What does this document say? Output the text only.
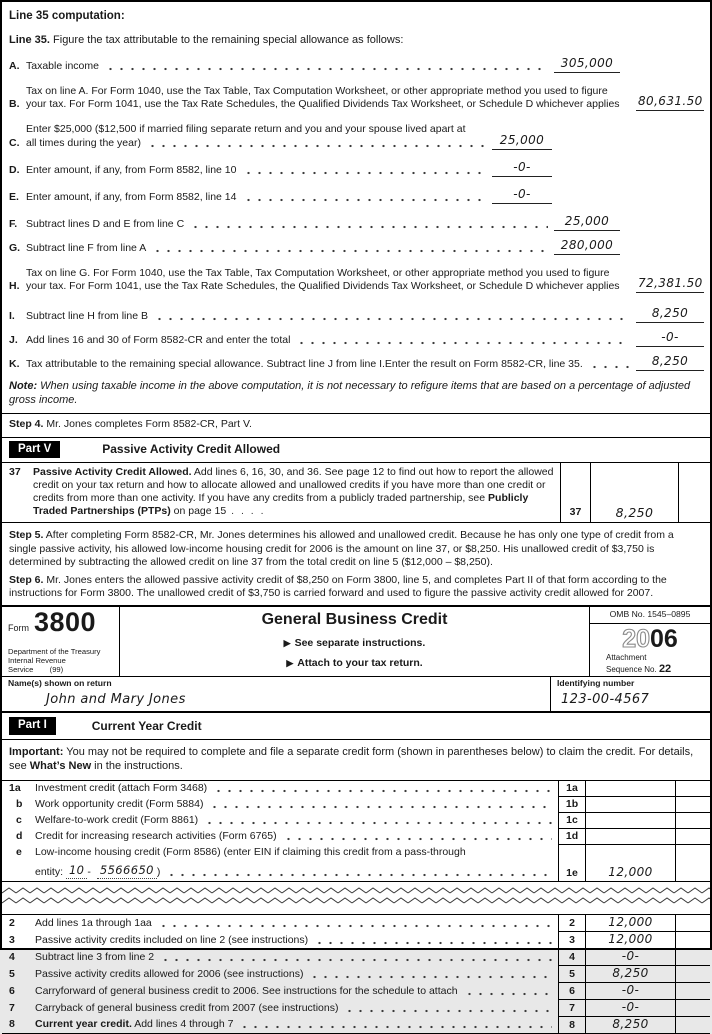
Line 35 computation:

Line 35. Figure the tax attributable to the remaining special allowance as follows:

A. Taxable income	305,000
B.
Tax on line A. For Form 1040, use the Tax Table, Tax Computation Worksheet, or other appropriate method you used to figure your tax. For Form 1041, use the Tax Rate Schedules, the Qualified Dividends Tax Worksheet, or Schedule D whichever applies	80,631.50
C.
Enter $25,000 ($12,500 if married filing separate return and you and your spouse lived apart at
all times during the year)	25,000
D. Enter amount, if any, from Form 8582, line 10	-0-
E. Enter amount, if any, from Form 8582, line 14	-0-
F. Subtract lines D and E from line C	25,000
G. Subtract line F from line A	280,000
H.
Tax on line G. For Form 1040, use the Tax Table, Tax Computation Worksheet, or other appropriate method you used to figure your tax. For Form 1041, use the Tax Rate Schedules, the Qualified Dividends Tax Worksheet, or Schedule D whichever applies	72,381.50
I.	Subtract line H from line B	8,250
J. Add lines 16 and 30 of Form 8582-CR and enter the total	-0-
K. Tax attributable to the remaining special allowance. Subtract line J from line I.Enter the result on Form 8582-CR, line 35.	8,250

Note: When using taxable income in the above computation, it is not necessary to refigure items that are based on a percentage of adjusted gross income.

Step 4. Mr. Jones completes Form 8582-CR, Part V.

Part V	Passive Activity Credit Allowed
37	Passive Activity Credit Allowed. Add lines 6, 16, 30, and 36. See page 12 to find out how to report the allowed credit on your tax return and how to allocate allowed and unallowed credits if you have more than one credit or credits from more than one activity. If you have any credits from a publicly traded partnership, see Publicly Traded Partnerships (PTPs) on page 15 .	37	8,250

Step 5. After completing Form 8582-CR, Mr. Jones determines his allowed and unallowed credit. Because he has only one type of credit from a single passive activity, his allowed low-income housing credit for 2006 is the amount on line 37, or $8,250. His unallowed credit of $3,750 is determined by subtracting the allowed credit on line 37 from the total credit on line 5 ($12,000 – $8,250).

Step 6. Mr. Jones enters the allowed passive activity credit of $8,250 on Form 3800, line 5, and completes Part II of that form according to the instructions for Form 3800. The unallowed credit of $3,750 is carried forward and used to figure the passive activity credit allowed for 2007.

Form 3800
Department of the Treasury
Internal Revenue Service (99)
General Business Credit
▶ See separate instructions.
▶ Attach to your tax return.
OMB No. 1545–0895
2006
Attachment
Sequence No. 22
Name(s) shown on return
John and Mary Jones
Identifying number
123-00-4567
Part I	Current Year Credit
Important: You may not be required to complete and file a separate credit form (shown in parentheses below) to claim the credit. For details, see What’s New in the instructions.
1a	Investment credit (attach Form 3468)	1a
b	Work opportunity credit (Form 5884)	1b
c	Welfare-to-work credit (Form 8861)	1c
d	Credit for increasing research activities (Form 6765)	1d
e	Low-income housing credit (Form 8586) (enter EIN if claiming this credit from a pass-through
entity:
10 - 5566650 )	1e	12,000
2	Add lines 1a through 1aa	2	12,000
3	Passive activity credits included on line 2 (see instructions)	3	12,000
4	Subtract line 3 from line 2	4	-0-
5	Passive activity credits allowed for 2006 (see instructions)	5	8,250
6	Carryforward of general business credit to 2006. See instructions for the schedule to attach	6	-0-
7	Carryback of general business credit from 2007 (see instructions)	7	-0-
8	Current year credit. Add lines 4 through 7	8	8,250
